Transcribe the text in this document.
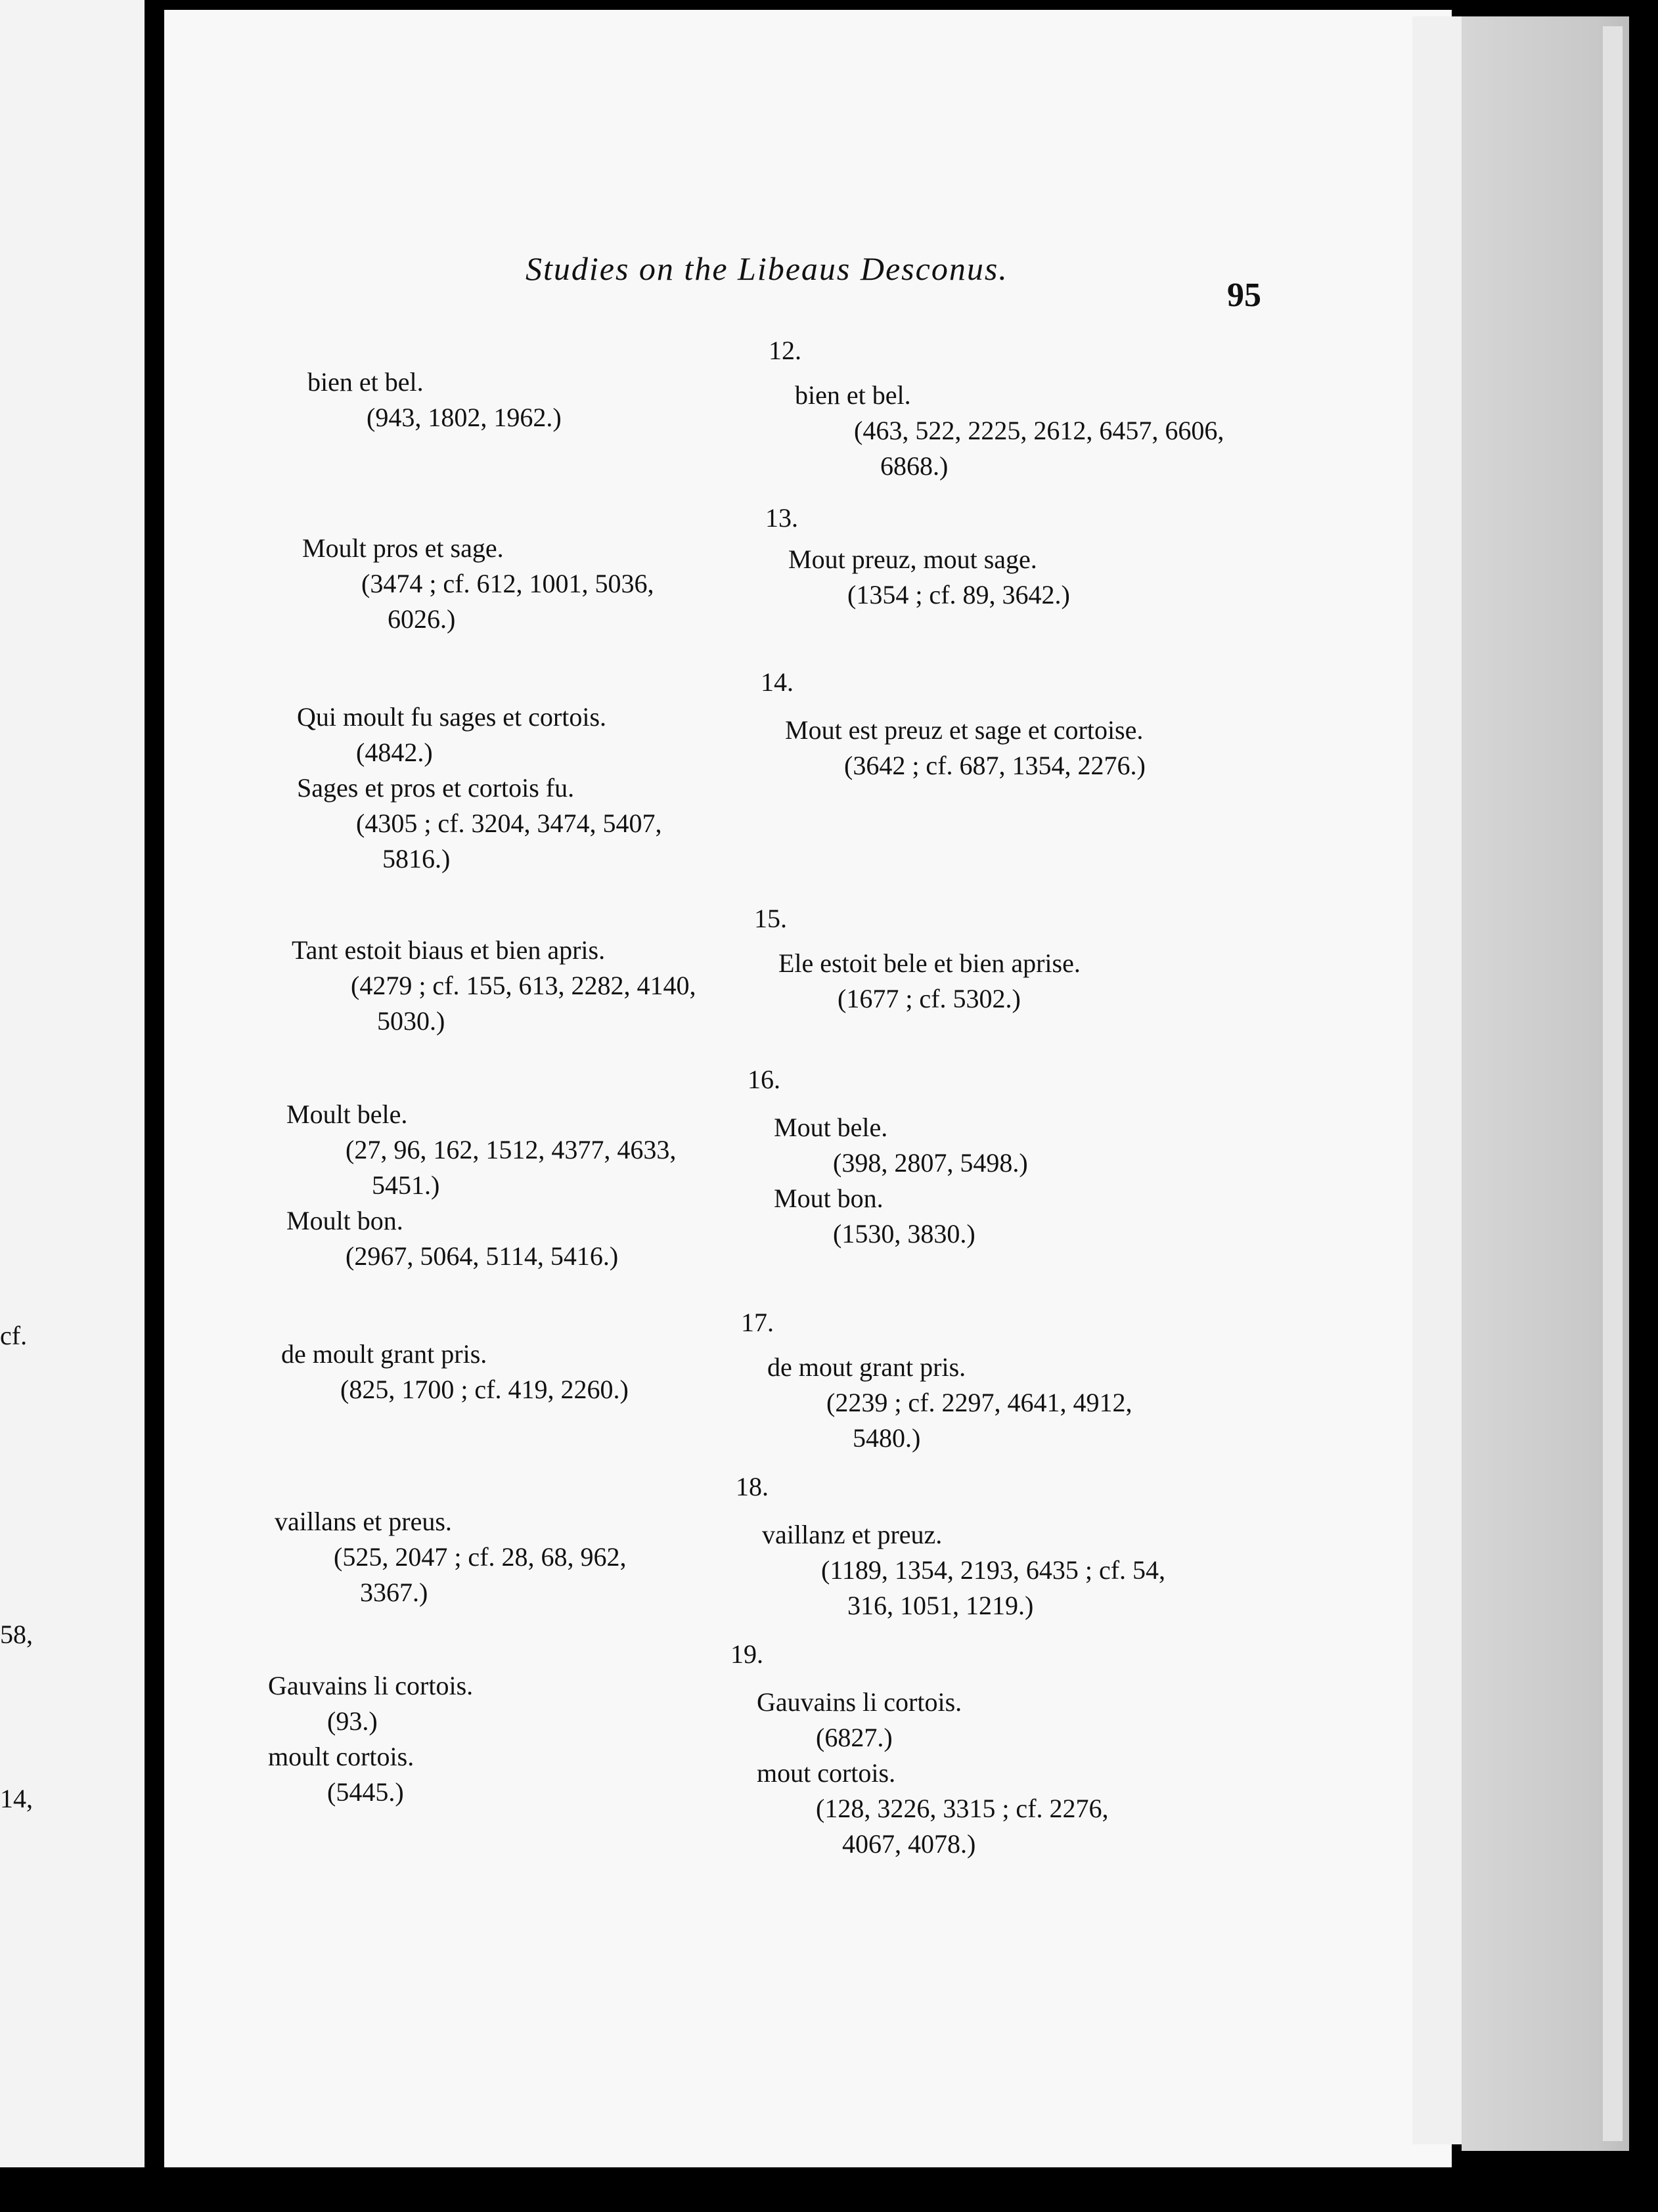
cf.
58,
14,
Studies on the Libeaus Desconus.
95
bien et bel.
(943, 1802, 1962.)
Moult pros et sage.
(3474 ; cf. 612, 1001, 5036,
6026.)
Qui moult fu sages et cortois.
(4842.)
Sages et pros et cortois fu.
(4305 ; cf. 3204, 3474, 5407,
5816.)
Tant estoit biaus et bien apris.
(4279 ; cf. 155, 613, 2282, 4140,
5030.)
Moult bele.
(27, 96, 162, 1512, 4377, 4633,
5451.)
Moult bon.
(2967, 5064, 5114, 5416.)
de moult grant pris.
(825, 1700 ; cf. 419, 2260.)
vaillans et preus.
(525, 2047 ; cf. 28, 68, 962,
3367.)
Gauvains li cortois.
(93.)
moult cortois.
(5445.)
12.
bien et bel.
(463, 522, 2225, 2612, 6457, 6606,
6868.)
13.
Mout preuz, mout sage.
(1354 ; cf. 89, 3642.)
14.
Mout est preuz et sage et cortoise.
(3642 ; cf. 687, 1354, 2276.)
15.
Ele estoit bele et bien aprise.
(1677 ; cf. 5302.)
16.
Mout bele.
(398, 2807, 5498.)
Mout bon.
(1530, 3830.)
17.
de mout grant pris.
(2239 ; cf. 2297, 4641, 4912,
5480.)
18.
vaillanz et preuz.
(1189, 1354, 2193, 6435 ; cf. 54,
316, 1051, 1219.)
19.
Gauvains li cortois.
(6827.)
mout cortois.
(128, 3226, 3315 ; cf. 2276,
4067, 4078.)
